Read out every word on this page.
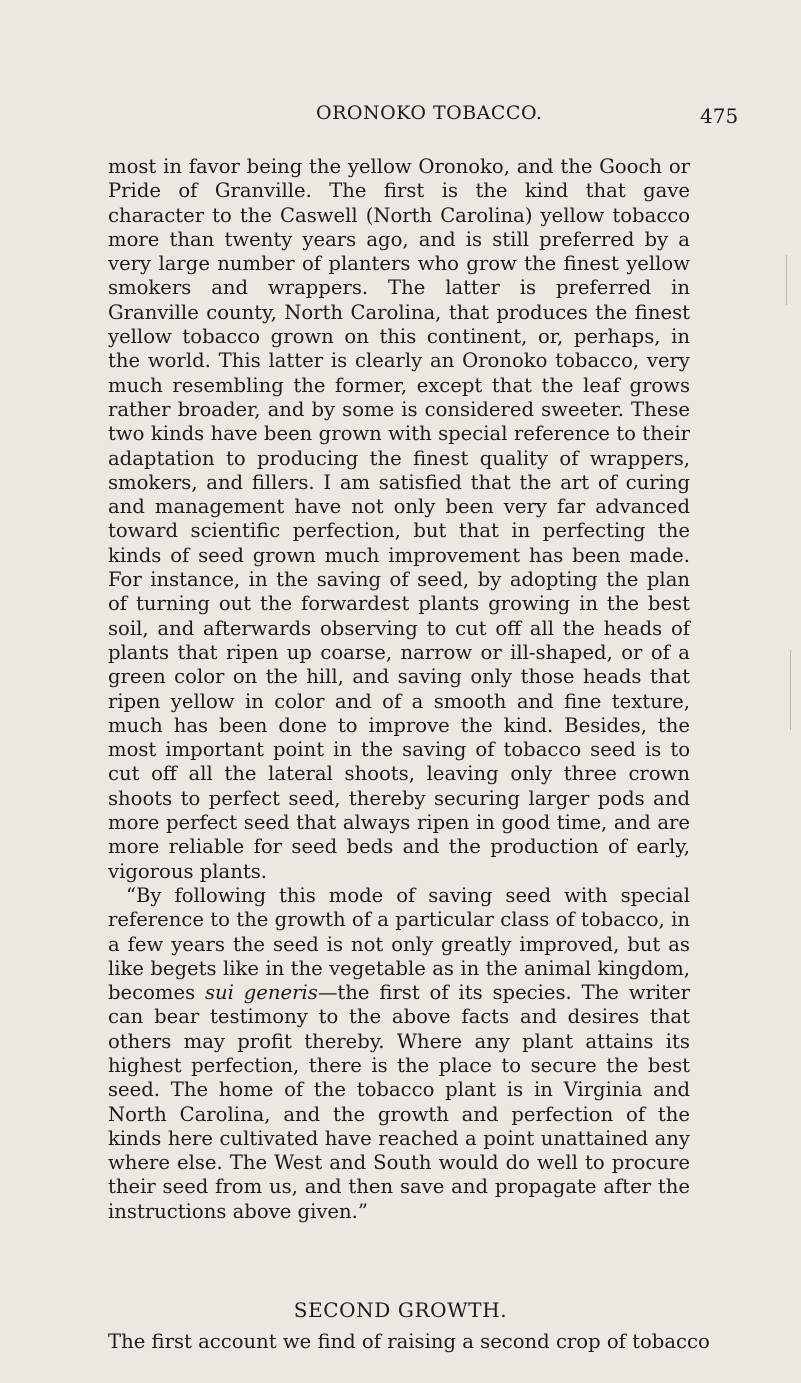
ORONOKO TOBACCO.	475

most in favor being the yellow Oronoko, and the Gooch or Pride of Granville. The first is the kind that gave character to the Caswell (North Carolina) yellow tobacco more than twenty years ago, and is still preferred by a very large number of planters who grow the finest yellow smokers and wrappers. The latter is preferred in Granville county, North Carolina, that produces the finest yellow tobacco grown on this continent, or, perhaps, in the world. This latter is clearly an Oronoko tobacco, very much resembling the former, except that the leaf grows rather broader, and by some is considered sweeter. These two kinds have been grown with special reference to their adaptation to producing the finest quality of wrappers, smokers, and fillers. I am satisfied that the art of curing and management have not only been very far advanced toward scientific perfection, but that in perfecting the kinds of seed grown much improvement has been made. For instance, in the saving of seed, by adopting the plan of turning out the forwardest plants growing in the best soil, and afterwards observing to cut off all the heads of plants that ripen up coarse, narrow or ill-shaped, or of a green color on the hill, and saving only those heads that ripen yellow in color and of a smooth and fine texture, much has been done to improve the kind. Besides, the most important point in the saving of tobacco seed is to cut off all the lateral shoots, leaving only three crown shoots to perfect seed, thereby securing larger pods and more perfect seed that always ripen in good time, and are more reliable for seed beds and the production of early, vigorous plants.

“By following this mode of saving seed with special reference to the growth of a particular class of tobacco, in a few years the seed is not only greatly improved, but as like begets like in the vegetable as in the animal kingdom, becomes sui generis—the first of its species. The writer can bear testimony to the above facts and desires that others may profit thereby. Where any plant attains its highest perfection, there is the place to secure the best seed. The home of the tobacco plant is in Virginia and North Carolina, and the growth and perfection of the kinds here cultivated have reached a point unattained any where else. The West and South would do well to procure their seed from us, and then save and propagate after the instructions above given.”

SECOND GROWTH.
The first account we find of raising a second crop of tobacco
